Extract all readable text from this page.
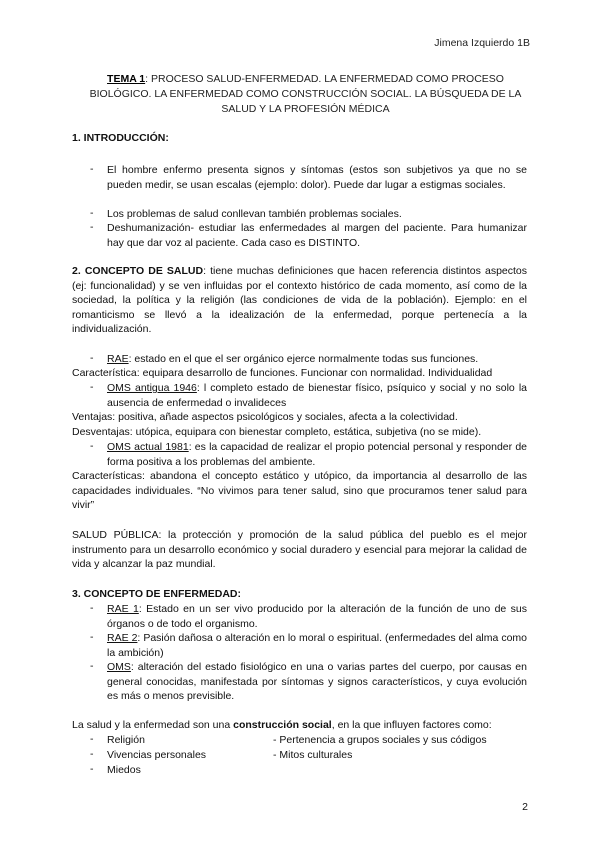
Jimena Izquierdo 1B
TEMA 1: PROCESO SALUD-ENFERMEDAD. LA ENFERMEDAD COMO PROCESO BIOLÓGICO. LA ENFERMEDAD COMO CONSTRUCCIÓN SOCIAL. LA BÚSQUEDA DE LA SALUD Y LA PROFESIÓN MÉDICA
1. INTRODUCCIÓN:
- El hombre enfermo presenta signos y síntomas (estos son subjetivos ya que no se pueden medir, se usan escalas (ejemplo: dolor). Puede dar lugar a estigmas sociales.
- Los problemas de salud conllevan también problemas sociales.
- Deshumanización- estudiar las enfermedades al margen del paciente. Para humanizar hay que dar voz al paciente. Cada caso es DISTINTO.
2. CONCEPTO DE SALUD: tiene muchas definiciones que hacen referencia distintos aspectos (ej: funcionalidad) y se ven influidas por el contexto histórico de cada momento, así como de la sociedad, la política y la religión (las condiciones de vida de la población). Ejemplo: en el romanticismo se llevó a la idealización de la enfermedad, porque pertenecía a la individualización.
- RAE: estado en el que el ser orgánico ejerce normalmente todas sus funciones.
Característica: equipara desarrollo de funciones. Funcionar con normalidad. Individualidad
- OMS antigua 1946: l completo estado de bienestar físico, psíquico y social y no solo la ausencia de enfermedad o invalideces
Ventajas: positiva, añade aspectos psicológicos y sociales, afecta a la colectividad.
Desventajas: utópica, equipara con bienestar completo, estática, subjetiva (no se mide).
- OMS actual 1981: es la capacidad de realizar el propio potencial personal y responder de forma positiva a los problemas del ambiente.
Características: abandona el concepto estático y utópico, da importancia al desarrollo de las capacidades individuales. “No vivimos para tener salud, sino que procuramos tener salud para vivir”
SALUD PÚBLICA: la protección y promoción de la salud pública del pueblo es el mejor instrumento para un desarrollo económico y social duradero y esencial para mejorar la calidad de vida y alcanzar la paz mundial.
3. CONCEPTO DE ENFERMEDAD:
- RAE 1: Estado en un ser vivo producido por la alteración de la función de uno de sus órganos o de todo el organismo.
- RAE 2: Pasión dañosa o alteración en lo moral o espiritual. (enfermedades del alma como la ambición)
- OMS: alteración del estado fisiológico en una o varias partes del cuerpo, por causas en general conocidas, manifestada por síntomas y signos característicos, y cuya evolución es más o menos previsible.
La salud y la enfermedad son una construcción social, en la que influyen factores como:
- Religión
- Vivencias personales
- Miedos
- Pertenencia a grupos sociales y sus códigos
- Mitos culturales
2
